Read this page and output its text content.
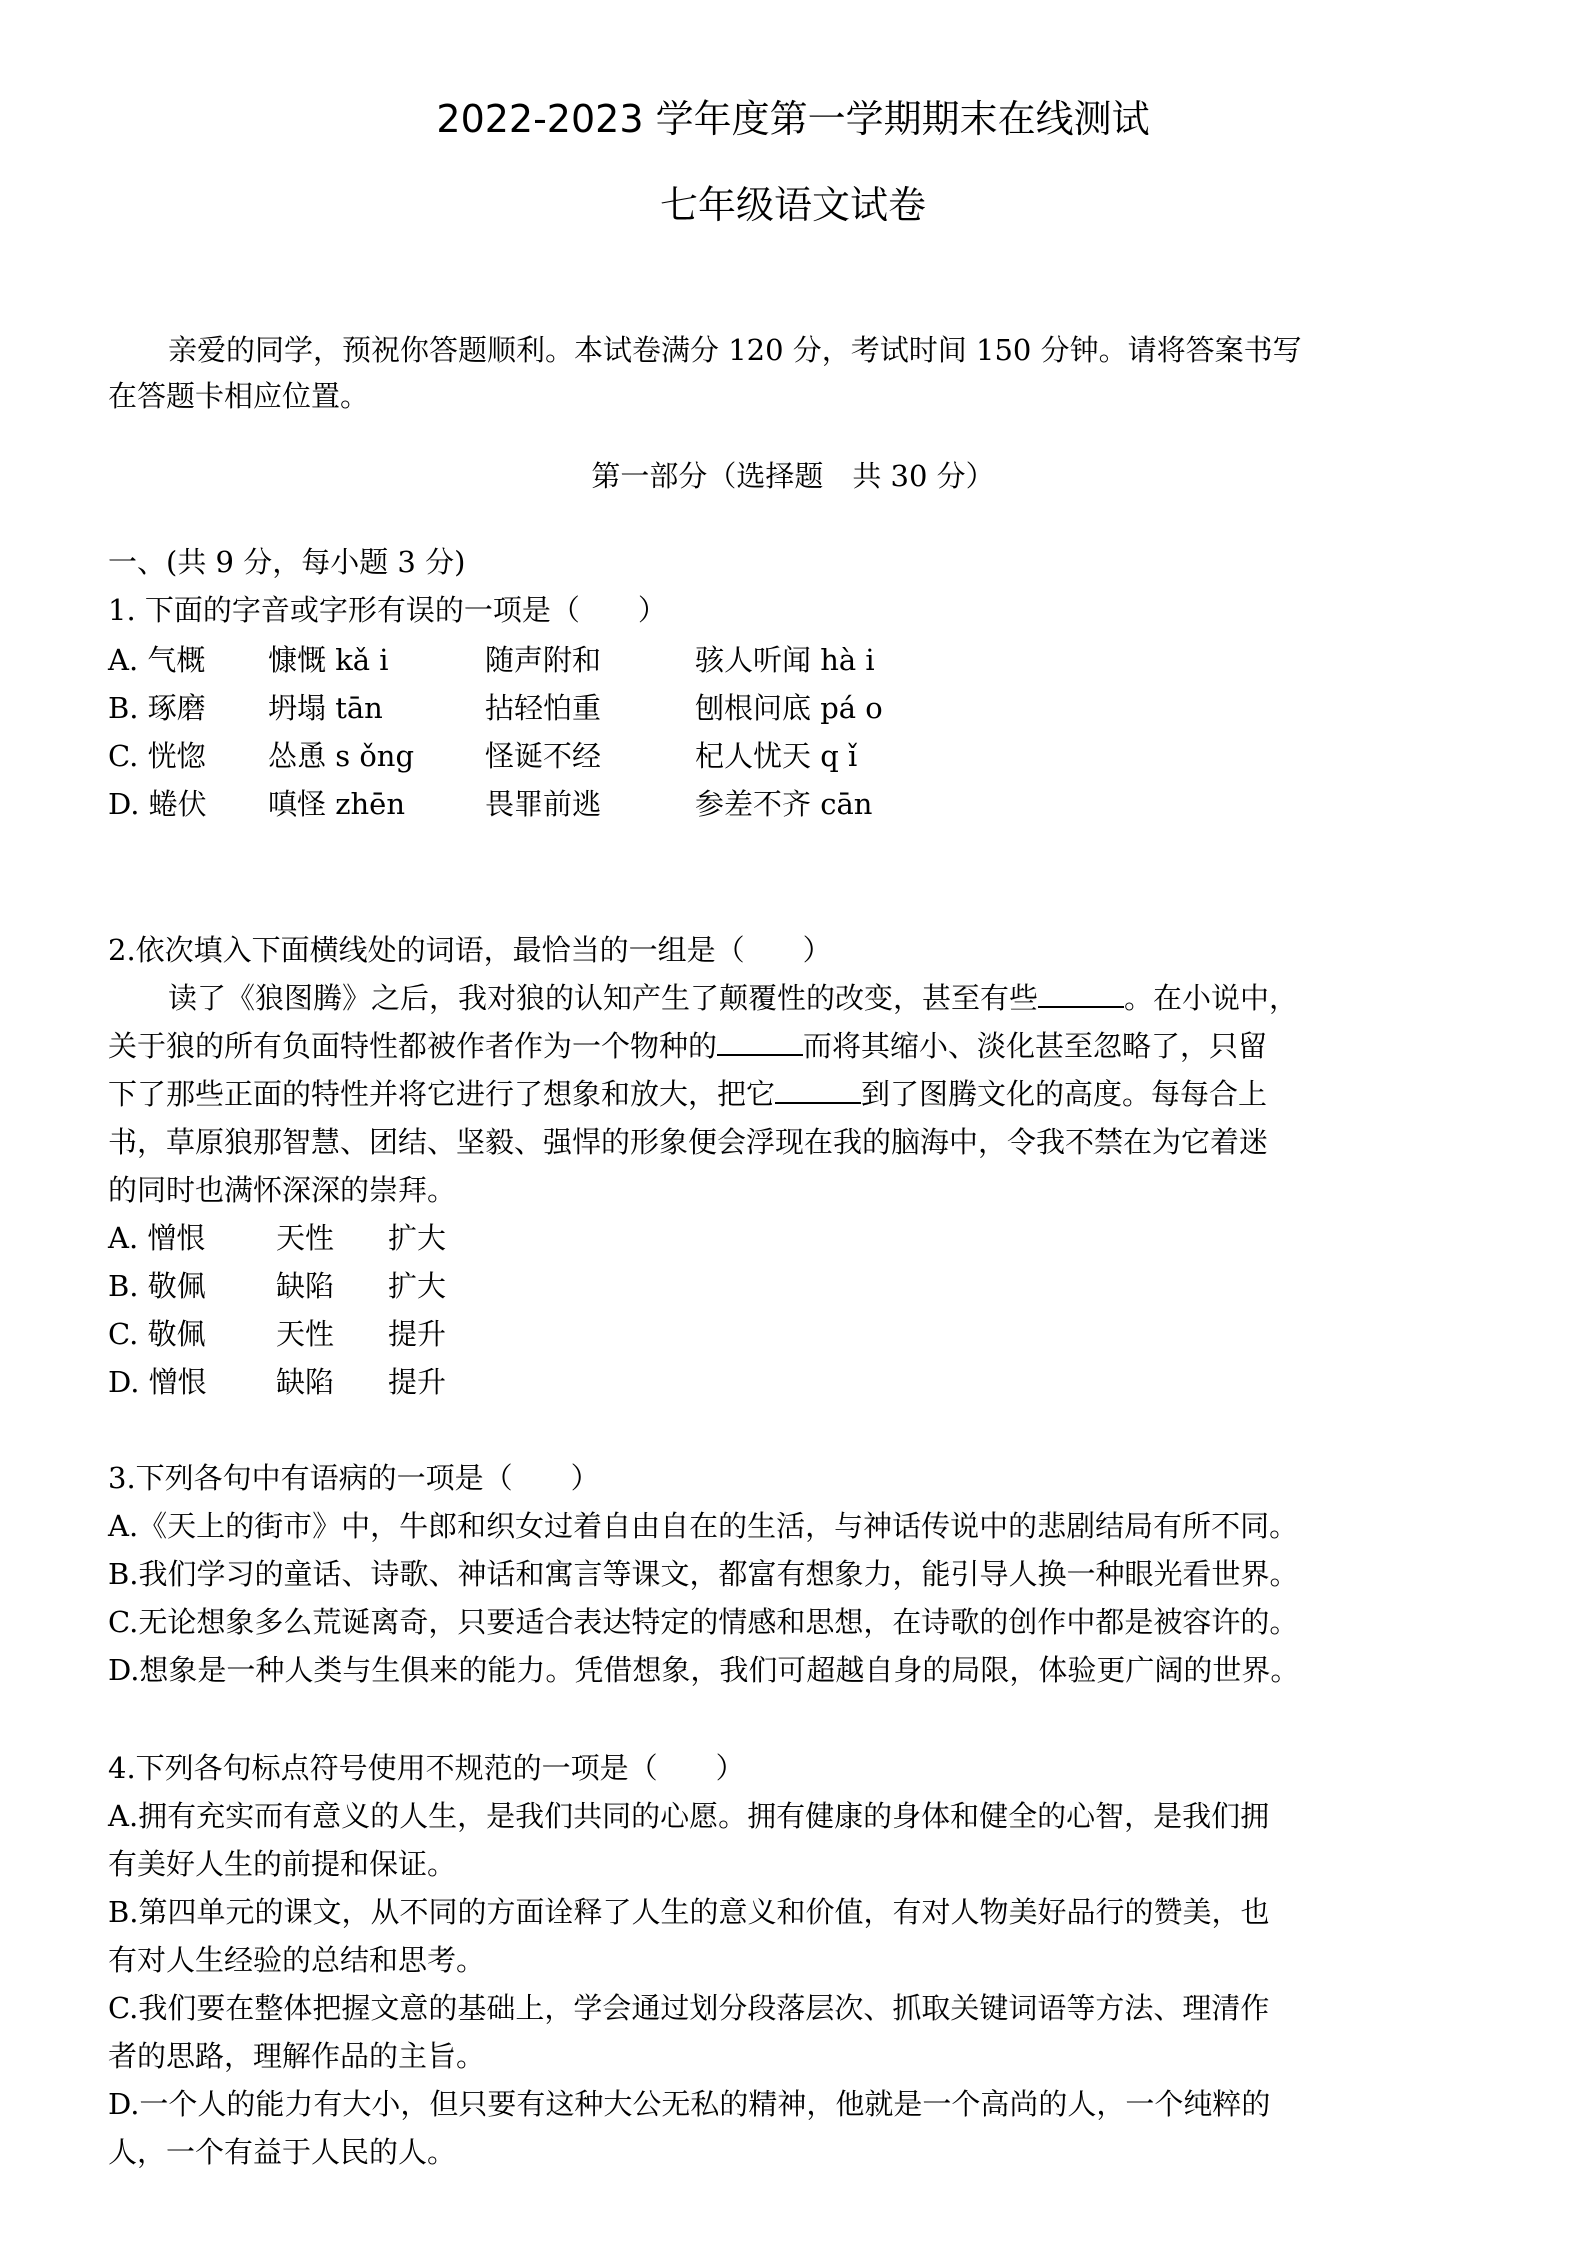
2022-2023 学年度第一学期期末在线测试
七年级语文试卷
亲爱的同学，预祝你答题顺利。本试卷满分 120 分，考试时间 150 分钟。请将答案书写
在答题卡相应位置。
第一部分（选择题　共 30 分）
一、(共 9 分，每小题 3 分)
1. 下面的字音或字形有误的一项是（　　）
A. 气概 慷慨 kǎ i	随声附和	骇人听闻 hà i
B. 琢磨 坍塌 tān	拈轻怕重	刨根问底 pá o
C. 恍惚 怂恿 s ǒng 怪诞不经	杞人忧天 q ǐ
D. 蜷伏 嗔怪 zhēn	畏罪前逃	参差不齐 cān
2.依次填入下面横线处的词语，最恰当的一组是（　　）
读了《狼图腾》之后，我对狼的认知产生了颠覆性的改变，甚至有些	。在小说中，
关于狼的所有负面特性都被作者作为一个物种的	而将其缩小、淡化甚至忽略了，只留
下了那些正面的特性并将它进行了想象和放大，把它	到了图腾文化的高度。每每合上
书，草原狼那智慧、团结、坚毅、强悍的形象便会浮现在我的脑海中，令我不禁在为它着迷
的同时也满怀深深的崇拜。
A. 憎恨 天性 扩大
B. 敬佩 缺陷 扩大
C. 敬佩 天性 提升
D. 憎恨 缺陷 提升
3.下列各句中有语病的一项是（　　）
A.《天上的街市》中，牛郎和织女过着自由自在的生活，与神话传说中的悲剧结局有所不同。
B.我们学习的童话、诗歌、神话和寓言等课文，都富有想象力，能引导人换一种眼光看世界。
C.无论想象多么荒诞离奇，只要适合表达特定的情感和思想，在诗歌的创作中都是被容许的。
D.想象是一种人类与生俱来的能力。凭借想象，我们可超越自身的局限，体验更广阔的世界。
4.下列各句标点符号使用不规范的一项是（　　）
A.拥有充实而有意义的人生，是我们共同的心愿。拥有健康的身体和健全的心智，是我们拥
有美好人生的前提和保证。
B.第四单元的课文，从不同的方面诠释了人生的意义和价值，有对人物美好品行的赞美，也
有对人生经验的总结和思考。
C.我们要在整体把握文意的基础上，学会通过划分段落层次、抓取关键词语等方法、理清作
者的思路，理解作品的主旨。
D.一个人的能力有大小，但只要有这种大公无私的精神，他就是一个高尚的人，一个纯粹的
人，一个有益于人民的人。
